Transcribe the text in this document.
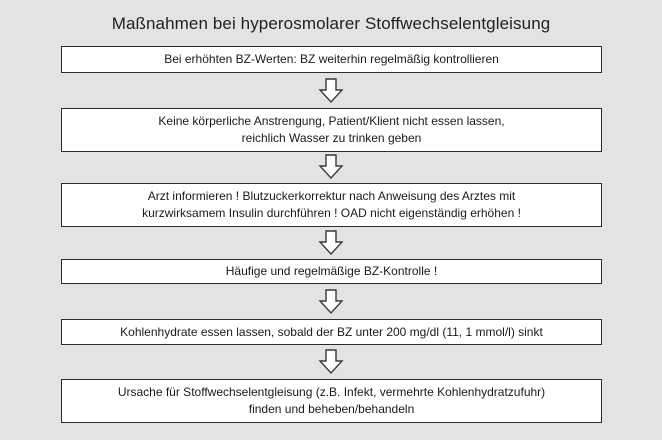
Maßnahmen bei hyperosmolarer Stoffwechselentgleisung
Bei erhöhten BZ-Werten: BZ weiterhin regelmäßig kontrollieren
Keine körperliche Anstrengung, Patient/Klient nicht essen lassen,
reichlich Wasser zu trinken geben
Arzt informieren ! Blutzuckerkorrektur nach Anweisung des Arztes mit
kurzwirksamem Insulin durchführen ! OAD nicht eigenständig erhöhen !
Häufige und regelmäßige BZ-Kontrolle !
Kohlenhydrate essen lassen, sobald der BZ unter 200 mg/dl (11, 1 mmol/l) sinkt
Ursache für Stoffwechselentgleisung (z.B. Infekt, vermehrte Kohlenhydratzufuhr)
finden und beheben/behandeln
